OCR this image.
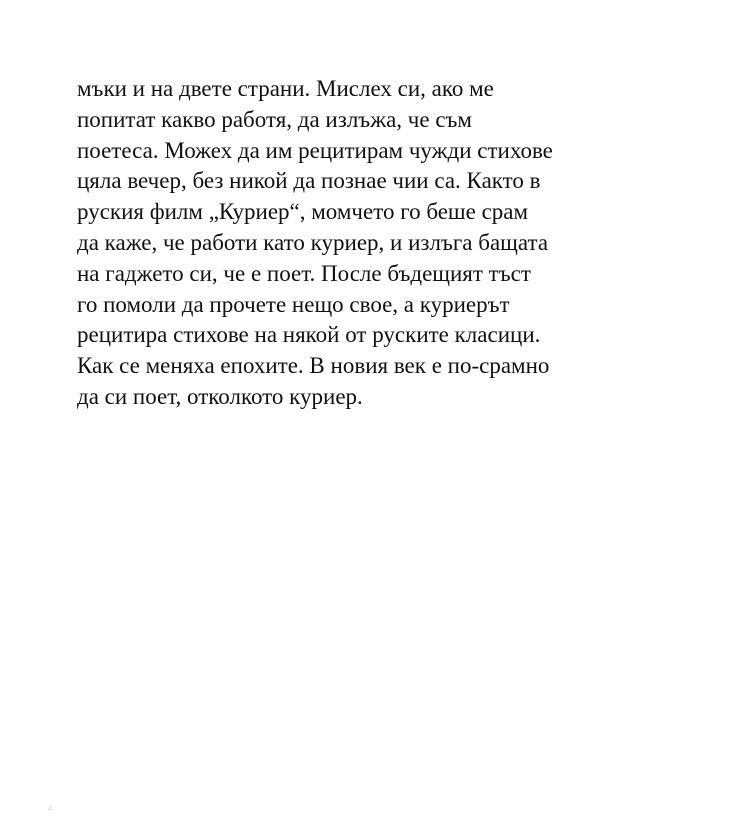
мъки и на двете страни. Мислех си, ако ме
попитат какво работя, да излъжа, че съм
поетеса. Можех да им рецитирам чужди стихове
цяла вечер, без никой да познае чии са. Както в
руския филм „Куриер“, момчето го беше срам
да каже, че работи като куриер, и излъга бащата
на гаджето си, че е поет. После бъдещият тъст
го помоли да прочете нещо свое, а куриерът
рецитира стихове на някой от руските класици.
Как се меняха епохите. В новия век е по-срамно
да си поет, отколкото куриер.
4
